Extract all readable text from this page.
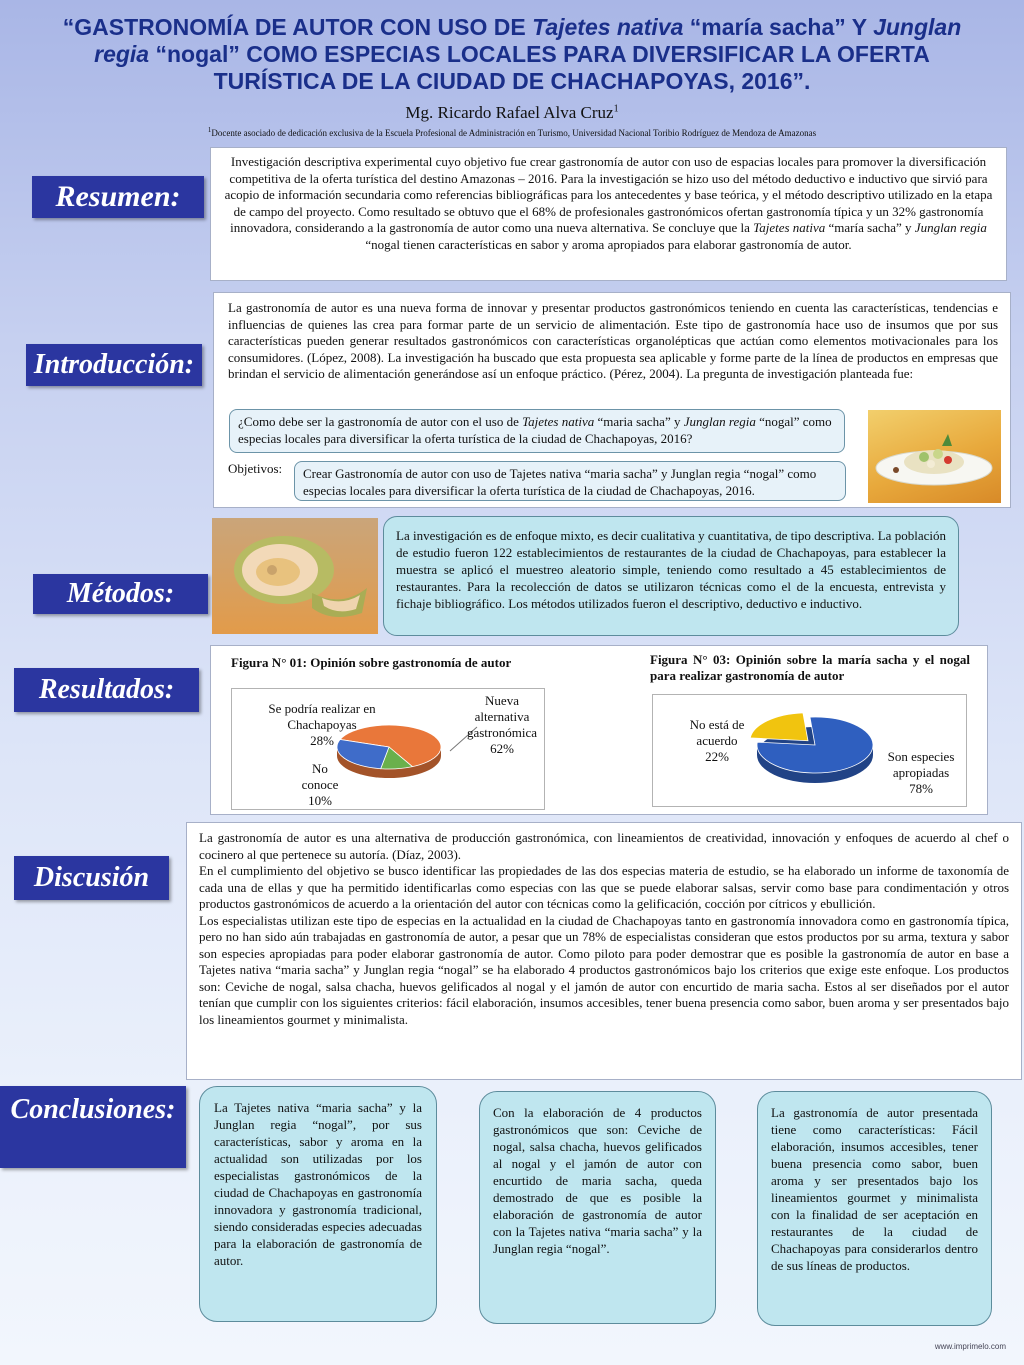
“GASTRONOMÍA DE AUTOR CON USO DE Tajetes nativa “maría sacha” Y Junglan
regia “nogal” COMO ESPECIAS LOCALES PARA DIVERSIFICAR LA OFERTA
TURÍSTICA DE LA CIUDAD DE CHACHAPOYAS, 2016”.
Mg. Ricardo Rafael Alva Cruz$^1$
$^1$Docente asociado de dedicación exclusiva de la Escuela Profesional de Administración en Turismo, Universidad Nacional Toribio Rodríguez de Mendoza de Amazonas
Resumen:
Investigación descriptiva experimental cuyo objetivo fue crear gastronomía de autor con uso de espacias locales para promover la diversificación competitiva de la oferta turística del destino Amazonas – 2016. Para la investigación se hizo uso del método deductivo e inductivo que sirvió para acopio de información secundaria como referencias bibliográficas para los antecedentes y base teórica, y el método descriptivo utilizado en la etapa de campo del proyecto. Como resultado se obtuvo que el 68% de profesionales gastronómicos ofertan gastronomía típica y un 32% gastronomía innovadora, considerando a la gastronomía de autor como una nueva alternativa. Se concluye que la Tajetes nativa “maría sacha” y Junglan regia “nogal tienen características en sabor y aroma apropiados para elaborar gastronomía de autor.
Introducción:
La gastronomía de autor es una nueva forma de innovar y presentar productos gastronómicos teniendo en cuenta las características, tendencias e influencias de quienes las crea para formar parte de un servicio de alimentación. Este tipo de gastronomía hace uso de insumos que por sus características pueden generar resultados gastronómicos con características organolépticas que actúan como elementos motivacionales para los consumidores. (López, 2008). La investigación ha buscado que esta propuesta sea aplicable y forme parte de la línea de productos en empresas que brindan el servicio de alimentación generándose así un enfoque práctico. (Pérez, 2004). La pregunta de investigación planteada fue:
¿Como debe ser la gastronomía de autor con el uso de Tajetes nativa “maria sacha” y Junglan regia “nogal” como especias locales para diversificar la oferta turística de la ciudad de Chachapoyas, 2016?
Objetivos:	Crear Gastronomía de autor con uso de Tajetes nativa “maria sacha” y Junglan regia “nogal” como especias locales para diversificar la oferta turística de la ciudad de Chachapoyas, 2016.
Métodos:
La investigación es de enfoque mixto, es decir cualitativa y cuantitativa, de tipo descriptiva. La población de estudio fueron 122 establecimientos de restaurantes de la ciudad de Chachapoyas, para establecer la muestra se aplicó el muestreo aleatorio simple, teniendo como resultado a 45 establecimientos de restaurantes. Para la recolección de datos se utilizaron técnicas como el de la encuesta, entrevista y fichaje bibliográfico. Los métodos utilizados fueron el descriptivo, deductivo e inductivo.
Resultados:
Figura N° 01: Opinión sobre gastronomía de autor
Se podría realizar en
Chachapoyas
28%
Nueva
alternativa
gastronómica
62%
No
conoce
10%
Figura N° 03: Opinión sobre la maría sacha y el nogal para realizar gastronomía de autor
No está de
acuerdo
22%	Son especies
apropiadas
78%
Discusión
La gastronomía de autor es una alternativa de producción gastronómica, con lineamientos de creatividad, innovación y enfoques de acuerdo al chef o cocinero al que pertenece su autoría. (Díaz, 2003).
En el cumplimiento del objetivo se busco identificar las propiedades de las dos especias materia de estudio, se ha elaborado un informe de taxonomía de cada una de ellas y que ha permitido identificarlas como especias con las que se puede elaborar salsas, servir como base para condimentación y otros productos gastronómicos de acuerdo a la orientación del autor con técnicas como la gelificación, cocción por cítricos y ebullición.
Los especialistas utilizan este tipo de especias en la actualidad en la ciudad de Chachapoyas tanto en gastronomía innovadora como en gastronomía típica, pero no han sido aún trabajadas en gastronomía de autor, a pesar que un 78% de especialistas consideran que estos productos por su arma, textura y sabor son especies apropiadas para poder elaborar gastronomía de autor. Como piloto para poder demostrar que es posible la gastronomía de autor en base a Tajetes nativa “maria sacha” y Junglan regia “nogal” se ha elaborado 4 productos gastronómicos bajo los criterios que exige este enfoque. Los productos son: Ceviche de nogal, salsa chacha, huevos gelificados al nogal y el jamón de autor con encurtido de maria sacha. Estos al ser diseñados por el autor tenían que cumplir con los siguientes criterios: fácil elaboración, insumos accesibles, tener buena presencia como sabor, buen aroma y ser presentados bajo los lineamientos gourmet y minimalista.
Conclusiones:	La Tajetes nativa “maria sacha” y la Junglan regia “nogal”, por sus características, sabor y aroma en la actualidad son utilizadas por los especialistas gastronómicos de la ciudad de Chachapoyas en gastronomía innovadora y gastronomía tradicional, siendo consideradas especies adecuadas para la elaboración de gastronomía de autor.
Con la elaboración de 4 productos gastronómicos que son: Ceviche de nogal, salsa chacha, huevos gelificados al nogal y el jamón de autor con encurtido de maria sacha, queda demostrado de que es posible la elaboración de gastronomía de autor con la Tajetes nativa “maria sacha” y la Junglan regia “nogal”.
La gastronomía de autor presentada tiene como características: Fácil elaboración, insumos accesibles, tener buena presencia como sabor, buen aroma y ser presentados bajo los lineamientos gourmet y minimalista con la finalidad de ser aceptación en restaurantes de la ciudad de Chachapoyas para considerarlos dentro de sus líneas de productos.
www.imprimelo.com
